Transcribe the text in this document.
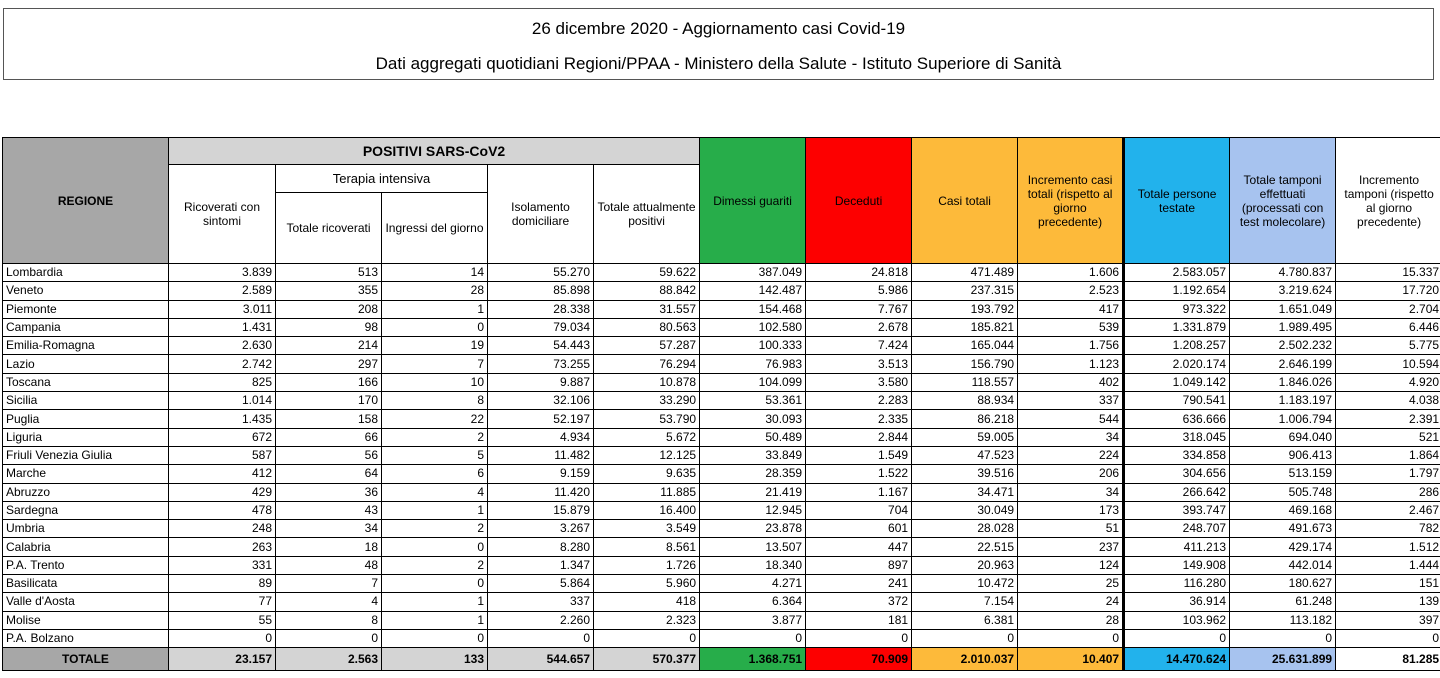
26 dicembre 2020 - Aggiornamento casi Covid-19
Dati aggregati quotidiani Regioni/PPAA - Ministero della Salute - Istituto Superiore di Sanità
REGIONE	POSITIVI SARS-CoV2					Dimessi guariti	Deceduti	Casi totali	Incremento casi totali (rispetto al giorno precedente)	Totale persone testate	Totale tamponi effettuati (processati con test molecolare)	Incremento tamponi (rispetto al giorno precedente)
	Ricoverati con sintomi	Terapia intensiva		Isolamento domiciliare	Totale attualmente positivi							
		Totale ricoverati	Ingressi del giorno									
Lombardia	3.839	513	14	55.270	59.622	387.049	24.818	471.489	1.606	2.583.057	4.780.837	15.337
Veneto	2.589	355	28	85.898	88.842	142.487	5.986	237.315	2.523	1.192.654	3.219.624	17.720
Piemonte	3.011	208	1	28.338	31.557	154.468	7.767	193.792	417	973.322	1.651.049	2.704
Campania	1.431	98	0	79.034	80.563	102.580	2.678	185.821	539	1.331.879	1.989.495	6.446
Emilia-Romagna	2.630	214	19	54.443	57.287	100.333	7.424	165.044	1.756	1.208.257	2.502.232	5.775
Lazio	2.742	297	7	73.255	76.294	76.983	3.513	156.790	1.123	2.020.174	2.646.199	10.594
Toscana	825	166	10	9.887	10.878	104.099	3.580	118.557	402	1.049.142	1.846.026	4.920
Sicilia	1.014	170	8	32.106	33.290	53.361	2.283	88.934	337	790.541	1.183.197	4.038
Puglia	1.435	158	22	52.197	53.790	30.093	2.335	86.218	544	636.666	1.006.794	2.391
Liguria	672	66	2	4.934	5.672	50.489	2.844	59.005	34	318.045	694.040	521
Friuli Venezia Giulia	587	56	5	11.482	12.125	33.849	1.549	47.523	224	334.858	906.413	1.864
Marche	412	64	6	9.159	9.635	28.359	1.522	39.516	206	304.656	513.159	1.797
Abruzzo	429	36	4	11.420	11.885	21.419	1.167	34.471	34	266.642	505.748	286
Sardegna	478	43	1	15.879	16.400	12.945	704	30.049	173	393.747	469.168	2.467
Umbria	248	34	2	3.267	3.549	23.878	601	28.028	51	248.707	491.673	782
Calabria	263	18	0	8.280	8.561	13.507	447	22.515	237	411.213	429.174	1.512
P.A. Trento	331	48	2	1.347	1.726	18.340	897	20.963	124	149.908	442.014	1.444
Basilicata	89	7	0	5.864	5.960	4.271	241	10.472	25	116.280	180.627	151
Valle d'Aosta	77	4	1	337	418	6.364	372	7.154	24	36.914	61.248	139
Molise	55	8	1	2.260	2.323	3.877	181	6.381	28	103.962	113.182	397
P.A. Bolzano	0	0	0	0	0	0	0	0	0	0	0	0
TOTALE	23.157	2.563	133	544.657	570.377	1.368.751	70.909	2.010.037	10.407	14.470.624	25.631.899	81.285
